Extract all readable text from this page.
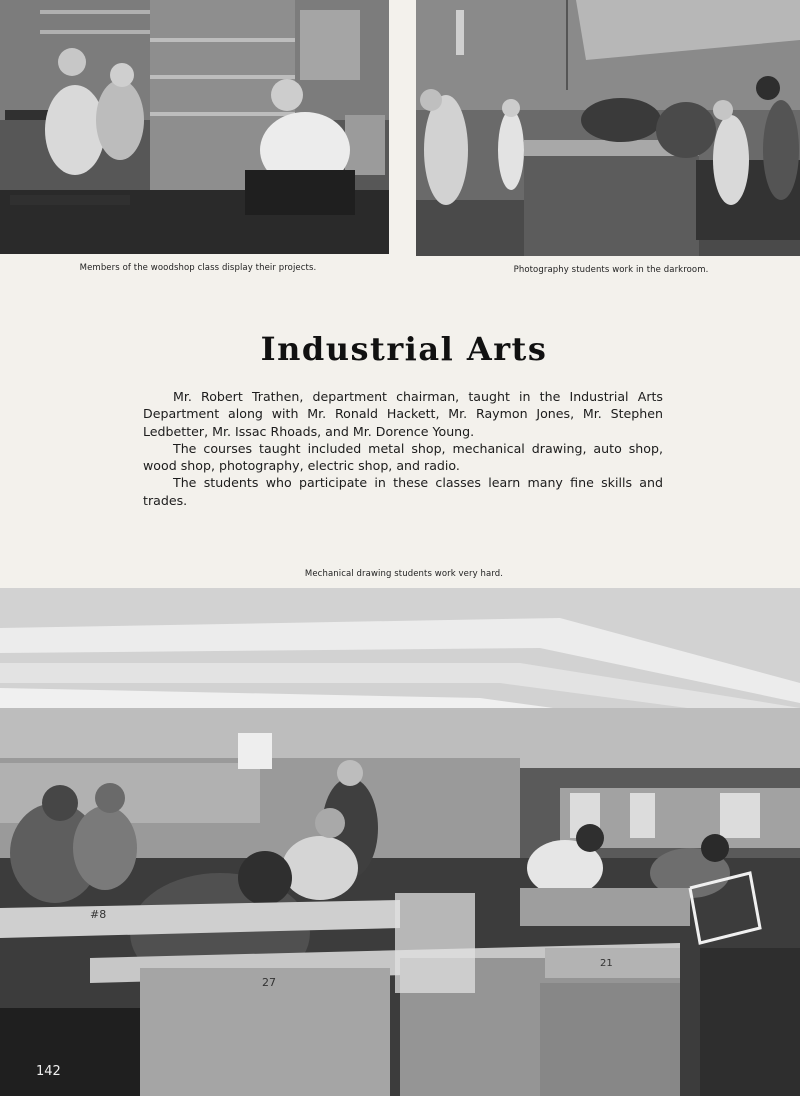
Members of the woodshop class display their projects.	Photography students work in the darkroom.
Industrial Arts

Mr. Robert Trathen, department chairman, taught in the Industrial Arts Department along with Mr. Ronald Hackett, Mr. Raymon Jones, Mr. Stephen Ledbetter, Mr. Issac Rhoads, and Mr. Dorence Young.

The courses taught included metal shop, mechanical drawing, auto shop, wood shop, photography, electric shop, and radio.

The students who participate in these classes learn many fine skills and trades.

Mechanical drawing students work very hard.
#8
27
21
142
